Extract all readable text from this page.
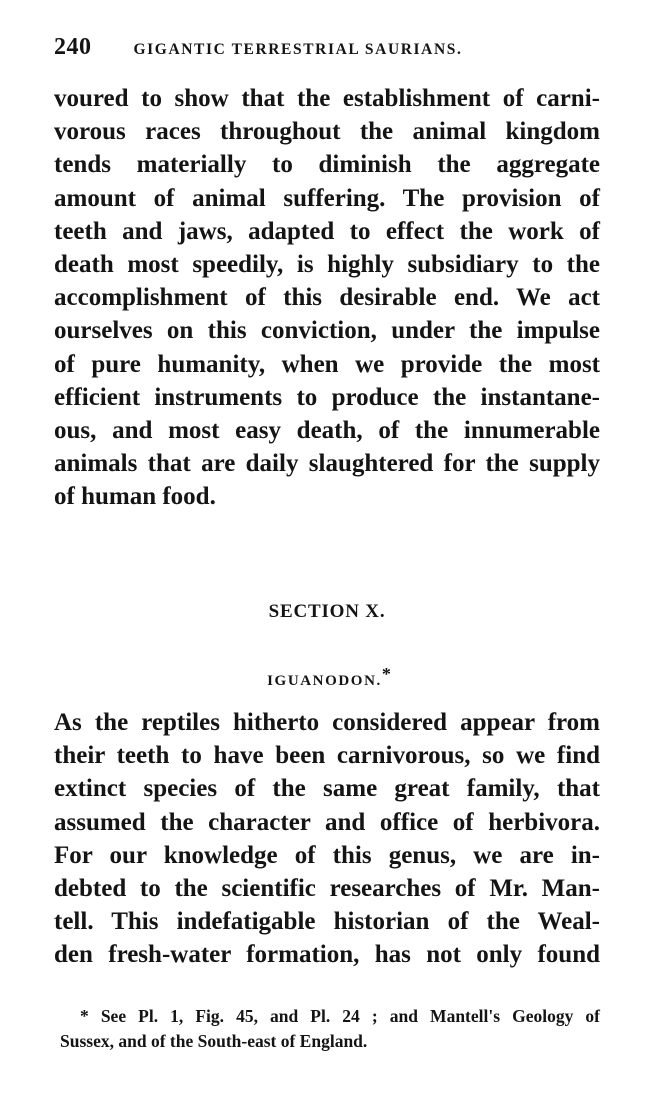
240	GIGANTIC TERRESTRIAL SAURIANS.
voured to show that the establishment of carni-
vorous races throughout the animal kingdom
tends materially to diminish the aggregate
amount of animal suffering. The provision of
teeth and jaws, adapted to effect the work of
death most speedily, is highly subsidiary to the
accomplishment of this desirable end. We act
ourselves on this conviction, under the impulse
of pure humanity, when we provide the most
efficient instruments to produce the instantane-
ous, and most easy death, of the innumerable
animals that are daily slaughtered for the supply
of human food.
SECTION X.
IGUANODON.*
As the reptiles hitherto considered appear from
their teeth to have been carnivorous, so we find
extinct species of the same great family, that
assumed the character and office of herbivora.
For our knowledge of this genus, we are in-
debted to the scientific researches of Mr. Man-
tell. This indefatigable historian of the Weal-
den fresh-water formation, has not only found
* See Pl. 1, Fig. 45, and Pl. 24 ; and Mantell's Geology of
Sussex, and of the South-east of England.
